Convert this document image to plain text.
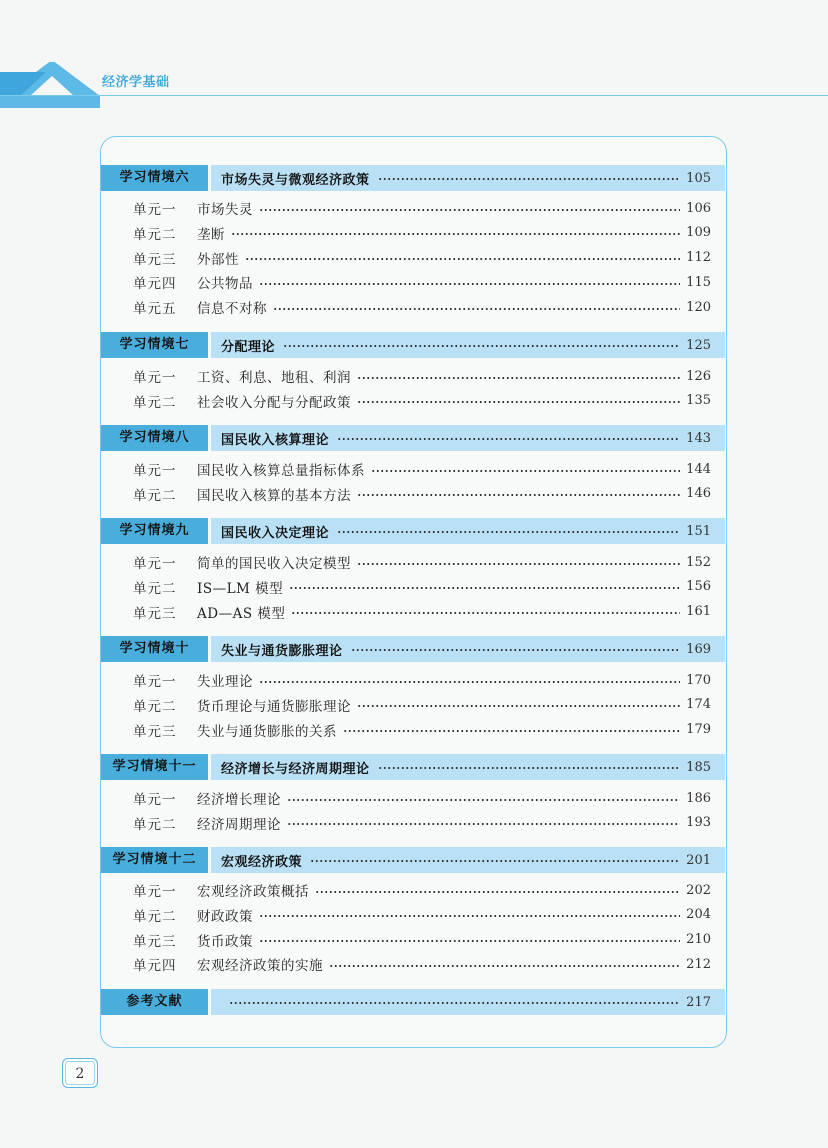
经济学基础
学习情境六	市场失灵与微观经济政策	105
单元一	市场失灵	106
单元二	垄断	109
单元三	外部性	112
单元四	公共物品	115
单元五	信息不对称	120
学习情境七	分配理论	125
单元一	工资、利息、地租、利润	126
单元二	社会收入分配与分配政策	135
学习情境八	国民收入核算理论	143
单元一	国民收入核算总量指标体系	144
单元二	国民收入核算的基本方法	146
学习情境九	国民收入决定理论	151
单元一	简单的国民收入决定模型	152
单元二	IS—LM 模型	156
单元三	AD—AS 模型	161
学习情境十	失业与通货膨胀理论	169
单元一	失业理论	170
单元二	货币理论与通货膨胀理论	174
单元三	失业与通货膨胀的关系	179
学习情境十一	经济增长与经济周期理论	185
单元一	经济增长理论	186
单元二	经济周期理论	193
学习情境十二	宏观经济政策	201
单元一	宏观经济政策概括	202
单元二	财政政策	204
单元三	货币政策	210
单元四	宏观经济政策的实施	212
参考文献	217
2
